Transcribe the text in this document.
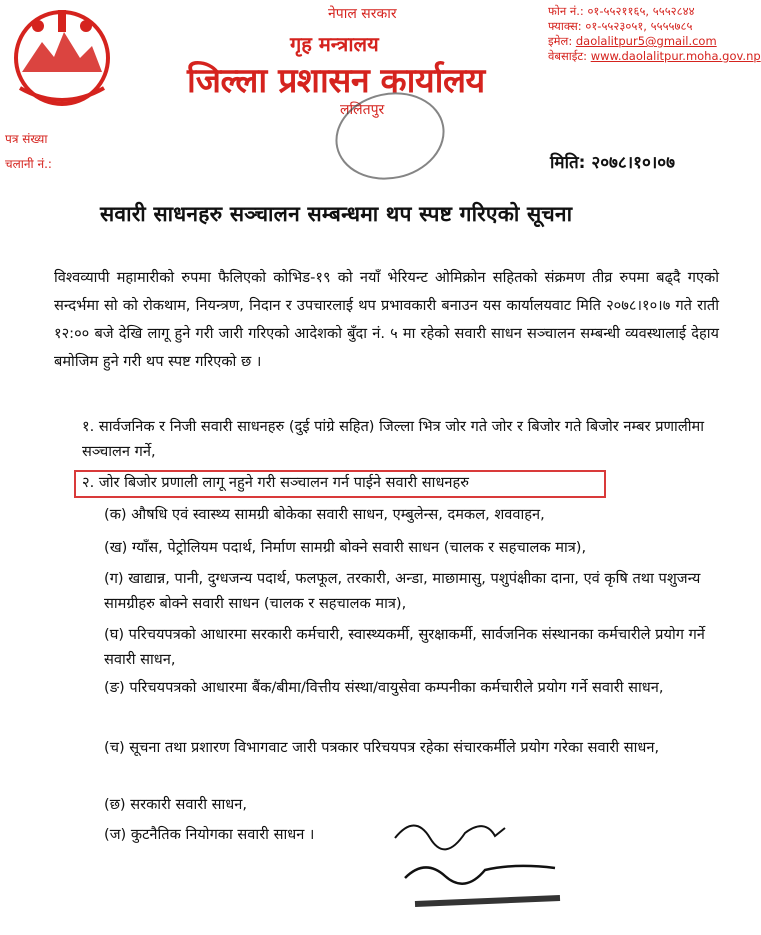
नेपाल सरकार
गृह मन्त्रालय
जिल्ला प्रशासन कार्यालय
ललितपुर
फोन नं.: ०१-५५२११६५, ५५५२८४४
फ्याक्स: ०१-५५२३०५१, ५५५५७८५
इमेल: daolalitpur5@gmail.com
वेबसाईट: www.daolalitpur.moha.gov.np
पत्र संख्या
चलानी नं.:	मिति: २०७८।१०।०७
सवारी साधनहरु सञ्चालन सम्बन्धमा थप स्पष्ट गरिएको सूचना
विश्वव्यापी महामारीको रुपमा फैलिएको कोभिड-१९ को नयाँ भेरियन्ट ओमिक्रोन सहितको संक्रमण तीव्र रुपमा बढ्दै गएको सन्दर्भमा सो को रोकथाम, नियन्त्रण, निदान र उपचारलाई थप प्रभावकारी बनाउन यस कार्यालयवाट मिति २०७८।१०।७ गते राती १२:०० बजे देखि लागू हुने गरी जारी गरिएको आदेशको बुँदा नं. ५ मा रहेको सवारी साधन सञ्चालन सम्बन्धी व्यवस्थालाई देहाय बमोजिम हुने गरी थप स्पष्ट गरिएको छ ।
१. सार्वजनिक र निजी सवारी साधनहरु (दुई पांग्रे सहित) जिल्ला भित्र जोर गते जोर र बिजोर गते बिजोर नम्बर प्रणालीमा सञ्चालन गर्ने,
२. जोर बिजोर प्रणाली लागू नहुने गरी सञ्चालन गर्न पाईने सवारी साधनहरु
(क) औषधि एवं स्वास्थ्य सामग्री बोकेका सवारी साधन, एम्बुलेन्स, दमकल, शववाहन,
(ख) ग्याँस, पेट्रोलियम पदार्थ, निर्माण सामग्री बोक्ने सवारी साधन (चालक र सहचालक मात्र),
(ग) खाद्यान्न, पानी, दुग्धजन्य पदार्थ, फलफूल, तरकारी, अन्डा, माछामासु, पशुपंक्षीका दाना, एवं कृषि तथा पशुजन्य सामग्रीहरु बोक्ने सवारी साधन (चालक र सहचालक मात्र),
(घ) परिचयपत्रको आधारमा सरकारी कर्मचारी, स्वास्थ्यकर्मी, सुरक्षाकर्मी, सार्वजनिक संस्थानका कर्मचारीले प्रयोग गर्ने सवारी साधन,
(ङ) परिचयपत्रको आधारमा बैंक/बीमा/वित्तीय संस्था/वायुसेवा कम्पनीका कर्मचारीले प्रयोग गर्ने सवारी साधन,
(च) सूचना तथा प्रशारण विभागवाट जारी पत्रकार परिचयपत्र रहेका संचारकर्मीले प्रयोग गरेका सवारी साधन,
(छ) सरकारी सवारी साधन,
(ज) कुटनैतिक नियोगका सवारी साधन ।
